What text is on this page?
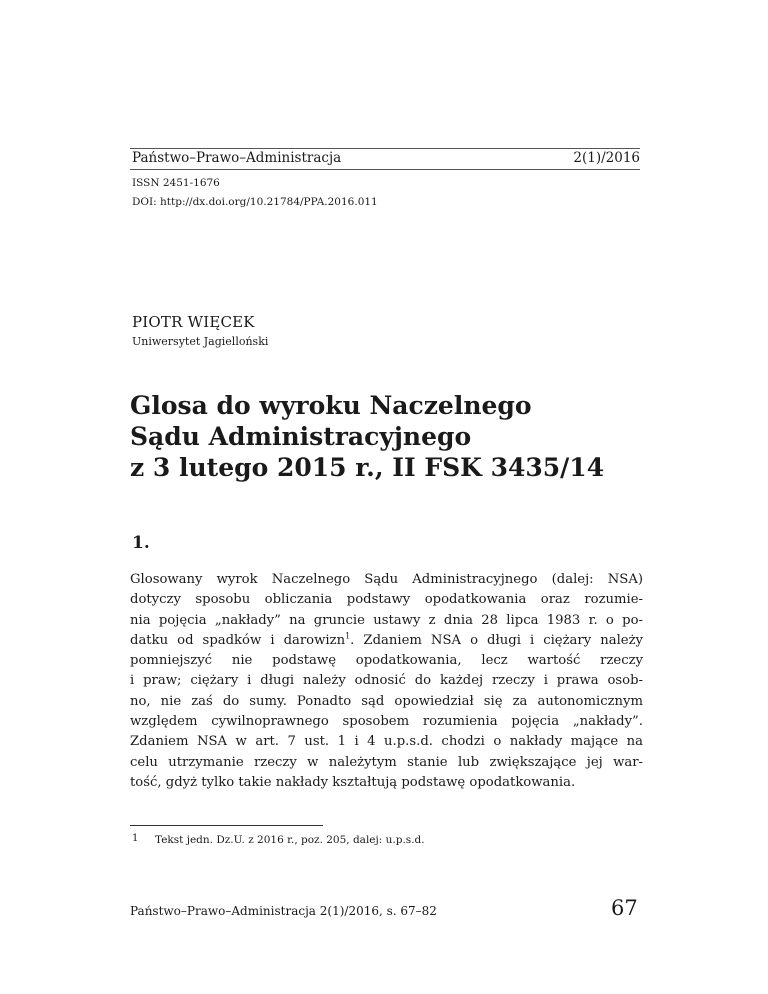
Państwo–Prawo–Administracja	2(1)/2016
ISSN 2451-1676
DOI: http://dx.doi.org/10.21784/PPA.2016.011
PIOTR WIĘCEK
Uniwersytet Jagielloński
Glosa do wyroku Naczelnego
Sądu Administracyjnego
z 3 lutego 2015 r., II FSK 3435/14
1.
Glosowany wyrok Naczelnego Sądu Administracyjnego (dalej: NSA)
dotyczy sposobu obliczania podstawy opodatkowania oraz rozumie-
nia pojęcia „nakłady” na gruncie ustawy z dnia 28 lipca 1983 r. o po-
datku od spadków i darowizn$^1$. Zdaniem NSA o długi i ciężary należy
pomniejszyć nie podstawę opodatkowania, lecz wartość rzeczy
i praw; ciężary i długi należy odnosić do każdej rzeczy i prawa osob-
no, nie zaś do sumy. Ponadto sąd opowiedział się za autonomicznym
względem cywilnoprawnego sposobem rozumienia pojęcia „nakłady”.
Zdaniem NSA w art. 7 ust. 1 i 4 u.p.s.d. chodzi o nakłady mające na
celu utrzymanie rzeczy w należytym stanie lub zwiększające jej war-
tość, gdyż tylko takie nakłady kształtują podstawę opodatkowania.
1 Tekst jedn. Dz.U. z 2016 r., poz. 205, dalej: u.p.s.d.
Państwo–Prawo–Administracja 2(1)/2016, s. 67–82	67
